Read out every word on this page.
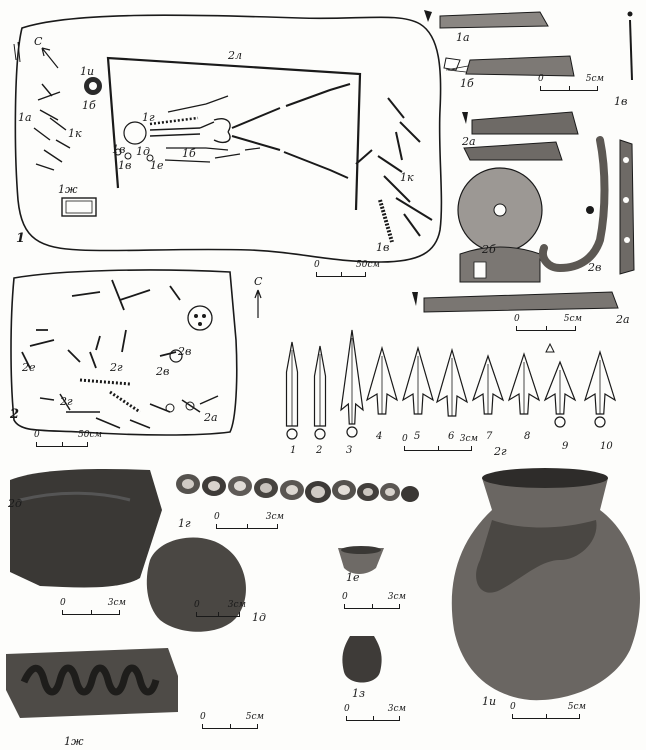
1
2
С
С
1и
1б
1а
1к
1ж
2л
1г
1б
1в 1д
1в 1е
1к
1в
2е	2г
2в
2в
2г
2а
1а
1б
1в
2а
2б
2в
2а
2г
1г
2д
1д
1е
1ж
1з
1и
1 2 3
4	5	6	7	8
9	10
0	50см
0	50см
0	5см
0	5см
0	3см
0	3см
0	3см	0	3см
0	3см
0	5см
0	3см	0	5см
